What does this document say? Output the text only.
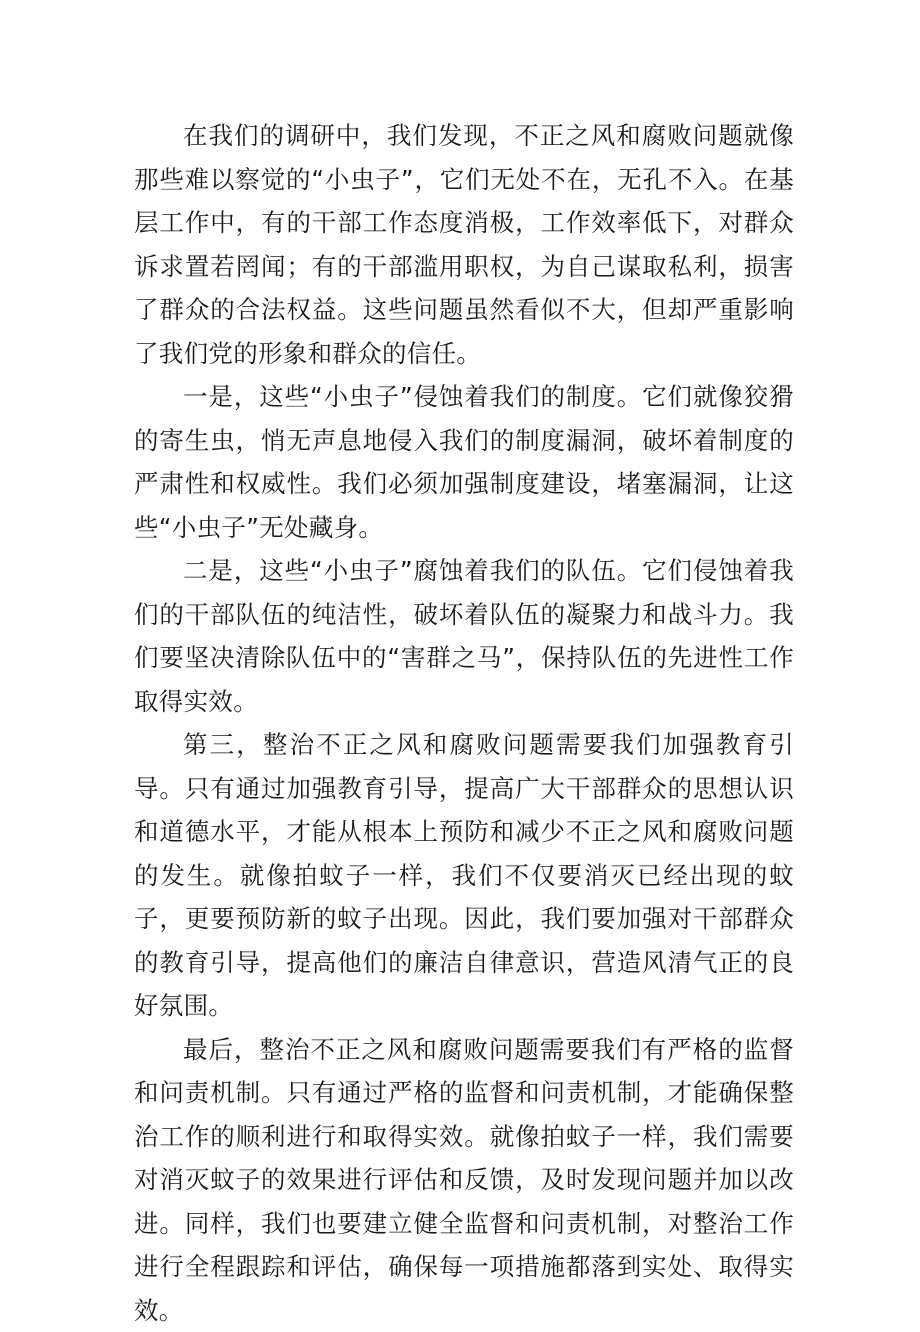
在我们的调研中，我们发现，不正之风和腐败问题就像那些难以察觉的“小虫子”，它们无处不在，无孔不入。在基层工作中，有的干部工作态度消极，工作效率低下，对群众诉求置若罔闻；有的干部滥用职权，为自己谋取私利，损害了群众的合法权益。这些问题虽然看似不大，但却严重影响了我们党的形象和群众的信任。

一是，这些“小虫子”侵蚀着我们的制度。它们就像狡猾的寄生虫，悄无声息地侵入我们的制度漏洞，破坏着制度的严肃性和权威性。我们必须加强制度建设，堵塞漏洞，让这些“小虫子”无处藏身。

二是，这些“小虫子”腐蚀着我们的队伍。它们侵蚀着我们的干部队伍的纯洁性，破坏着队伍的凝聚力和战斗力。我们要坚决清除队伍中的“害群之马”，保持队伍的先进性工作取得实效。

第三，整治不正之风和腐败问题需要我们加强教育引导。只有通过加强教育引导，提高广大干部群众的思想认识和道德水平，才能从根本上预防和减少不正之风和腐败问题的发生。就像拍蚊子一样，我们不仅要消灭已经出现的蚊子，更要预防新的蚊子出现。因此，我们要加强对干部群众的教育引导，提高他们的廉洁自律意识，营造风清气正的良好氛围。

最后，整治不正之风和腐败问题需要我们有严格的监督和问责机制。只有通过严格的监督和问责机制，才能确保整治工作的顺利进行和取得实效。就像拍蚊子一样，我们需要对消灭蚊子的效果进行评估和反馈，及时发现问题并加以改进。同样，我们也要建立健全监督和问责机制，对整治工作进行全程跟踪和评估，确保每一项措施都落到实处、取得实效。
